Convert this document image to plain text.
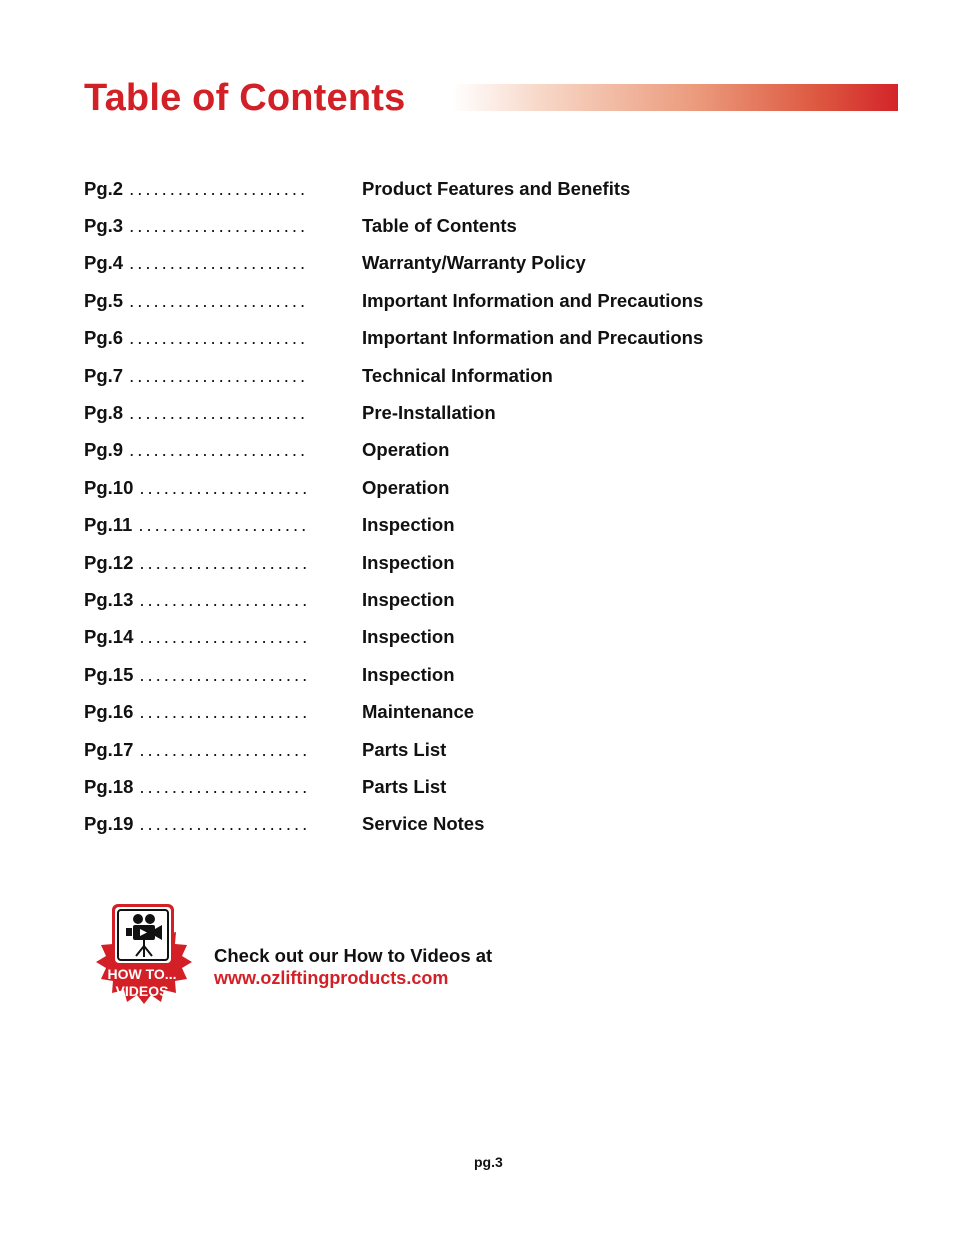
Table of Contents
Pg.2 ......................	Product Features and Benefits
Pg.3 ......................	Table of Contents
Pg.4 ......................	Warranty/Warranty Policy
Pg.5 ......................	Important Information and Precautions
Pg.6 ......................	Important Information and Precautions
Pg.7 ......................	Technical Information
Pg.8 ......................	Pre-Installation
Pg.9 ......................	Operation
Pg.10 .....................	Operation
Pg.11 .....................	Inspection
Pg.12 .....................	Inspection
Pg.13 .....................	Inspection
Pg.14 .....................	Inspection
Pg.15 .....................	Inspection
Pg.16 .....................	Maintenance
Pg.17 .....................	Parts List
Pg.18 .....................	Parts List
Pg.19 .....................	Service Notes
HOW TO...
VIDEOS
Check out our How to Videos at
www.ozliftingproducts.com
pg.3
